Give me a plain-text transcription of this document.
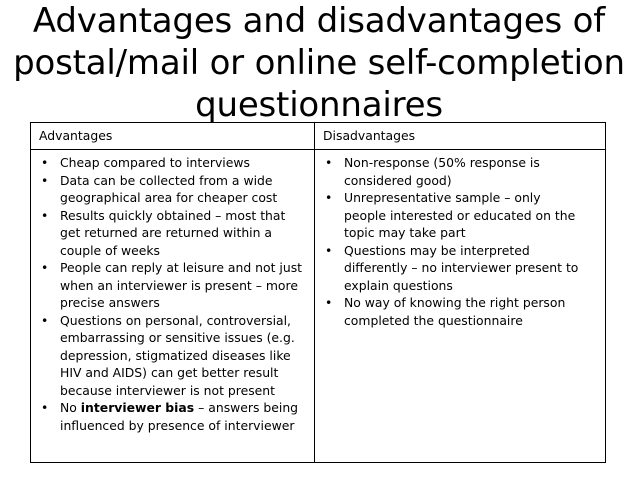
Advantages and disadvantages of
postal/mail or online self-completion
questionnaires
Advantages	Disadvantages
• Cheap compared to interviews
• Data can be collected from a wide
geographical area for cheaper cost
• Results quickly obtained – most that
get returned are returned within a
couple of weeks
• People can reply at leisure and not just
when an interviewer is present – more
precise answers
• Questions on personal, controversial,
embarrassing or sensitive issues (e.g.
depression, stigmatized diseases like
HIV and AIDS) can get better result
because interviewer is not present
• No interviewer bias – answers being
influenced by presence of interviewer
• Non-response (50% response is
considered good)
• Unrepresentative sample – only
people interested or educated on the
topic may take part
• Questions may be interpreted
differently – no interviewer present to
explain questions
• No way of knowing the right person
completed the questionnaire
